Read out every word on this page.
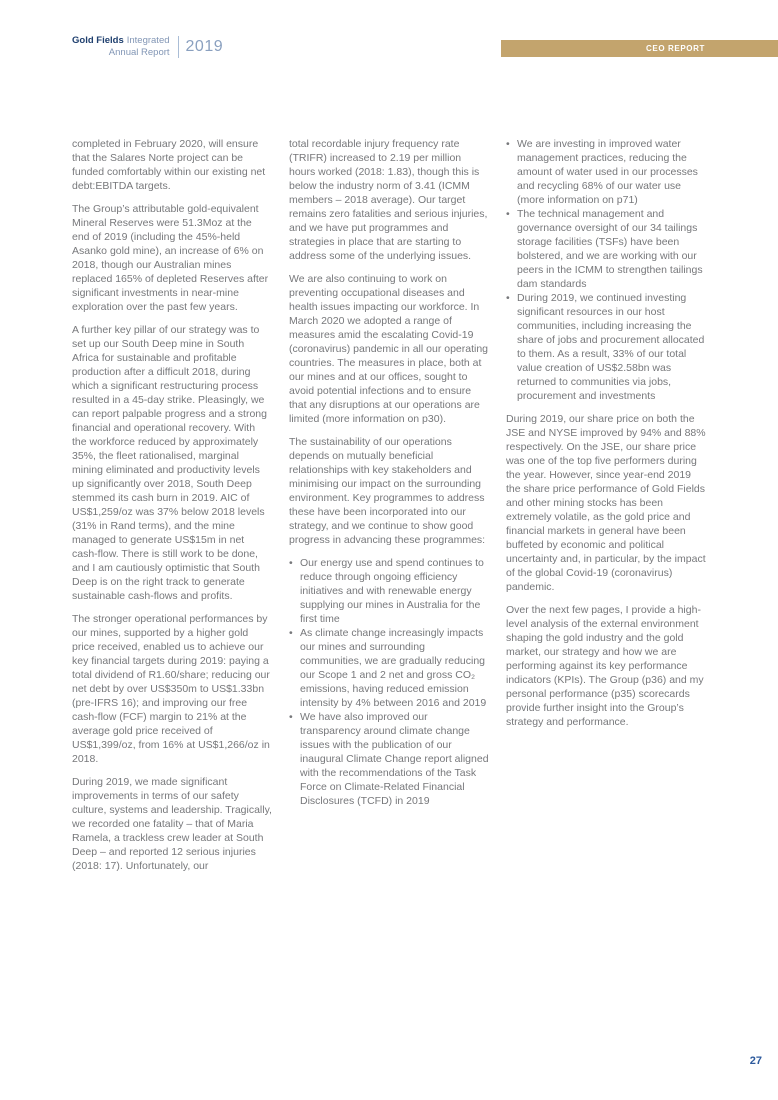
Gold Fields Integrated
Annual Report 2019	CEO REPORT

completed in February 2020, will ensure that the Salares Norte project can be funded comfortably within our existing net debt:EBITDA targets.

The Group’s attributable gold-equivalent Mineral Reserves were 51.3Moz at the end of 2019 (including the 45%-held Asanko gold mine), an increase of 6% on 2018, though our Australian mines replaced 165% of depleted Reserves after significant investments in near-mine exploration over the past few years.

A further key pillar of our strategy was to set up our South Deep mine in South Africa for sustainable and profitable production after a difficult 2018, during which a significant restructuring process resulted in a 45-day strike. Pleasingly, we can report palpable progress and a strong financial and operational recovery. With the workforce reduced by approximately 35%, the fleet rationalised, marginal mining eliminated and productivity levels up significantly over 2018, South Deep stemmed its cash burn in 2019. AIC of US$1,259/oz was 37% below 2018 levels (31% in Rand terms), and the mine managed to generate US$15m in net cash-flow. There is still work to be done, and I am cautiously optimistic that South Deep is on the right track to generate sustainable cash-flows and profits.

The stronger operational performances by our mines, supported by a higher gold price received, enabled us to achieve our key financial targets during 2019: paying a total dividend of R1.60/share; reducing our net debt by over US$350m to US$1.33bn (pre-IFRS 16); and improving our free cash-flow (FCF) margin to 21% at the average gold price received of US$1,399/oz, from 16% at US$1,266/oz in 2018.

During 2019, we made significant improvements in terms of our safety culture, systems and leadership. Tragically, we recorded one fatality – that of Maria Ramela, a trackless crew leader at South Deep – and reported 12 serious injuries (2018: 17). Unfortunately, our

total recordable injury frequency rate (TRIFR) increased to 2.19 per million hours worked (2018: 1.83), though this is below the industry norm of 3.41 (ICMM members – 2018 average). Our target remains zero fatalities and serious injuries, and we have put programmes and strategies in place that are starting to address some of the underlying issues.

We are also continuing to work on preventing occupational diseases and health issues impacting our workforce. In March 2020 we adopted a range of measures amid the escalating Covid-19 (coronavirus) pandemic in all our operating countries. The measures in place, both at our mines and at our offices, sought to avoid potential infections and to ensure that any disruptions at our operations are limited (more information on p30).

The sustainability of our operations depends on mutually beneficial relationships with key stakeholders and minimising our impact on the surrounding environment. Key programmes to address these have been incorporated into our strategy, and we continue to show good progress in advancing these programmes:

• Our energy use and spend continues to reduce through ongoing efficiency initiatives and with renewable energy supplying our mines in Australia for the first time
• As climate change increasingly impacts our mines and surrounding communities, we are gradually reducing our Scope 1 and 2 net and gross CO₂ emissions, having reduced emission intensity by 4% between 2016 and 2019
• We have also improved our transparency around climate change issues with the publication of our inaugural Climate Change report aligned with the recommendations of the Task Force on Climate-Related Financial Disclosures (TCFD) in 2019
• We are investing in improved water management practices, reducing the amount of water used in our processes and recycling 68% of our water use (more information on p71)
• The technical management and governance oversight of our 34 tailings storage facilities (TSFs) have been bolstered, and we are working with our peers in the ICMM to strengthen tailings dam standards
• During 2019, we continued investing significant resources in our host communities, including increasing the share of jobs and procurement allocated to them. As a result, 33% of our total value creation of US$2.58bn was returned to communities via jobs, procurement and investments

During 2019, our share price on both the JSE and NYSE improved by 94% and 88% respectively. On the JSE, our share price was one of the top five performers during the year. However, since year-end 2019 the share price performance of Gold Fields and other mining stocks has been extremely volatile, as the gold price and financial markets in general have been buffeted by economic and political uncertainty and, in particular, by the impact of the global Covid-19 (coronavirus) pandemic.

Over the next few pages, I provide a high-level analysis of the external environment shaping the gold industry and the gold market, our strategy and how we are performing against its key performance indicators (KPIs). The Group (p36) and my personal performance (p35) scorecards provide further insight into the Group’s strategy and performance.

27
